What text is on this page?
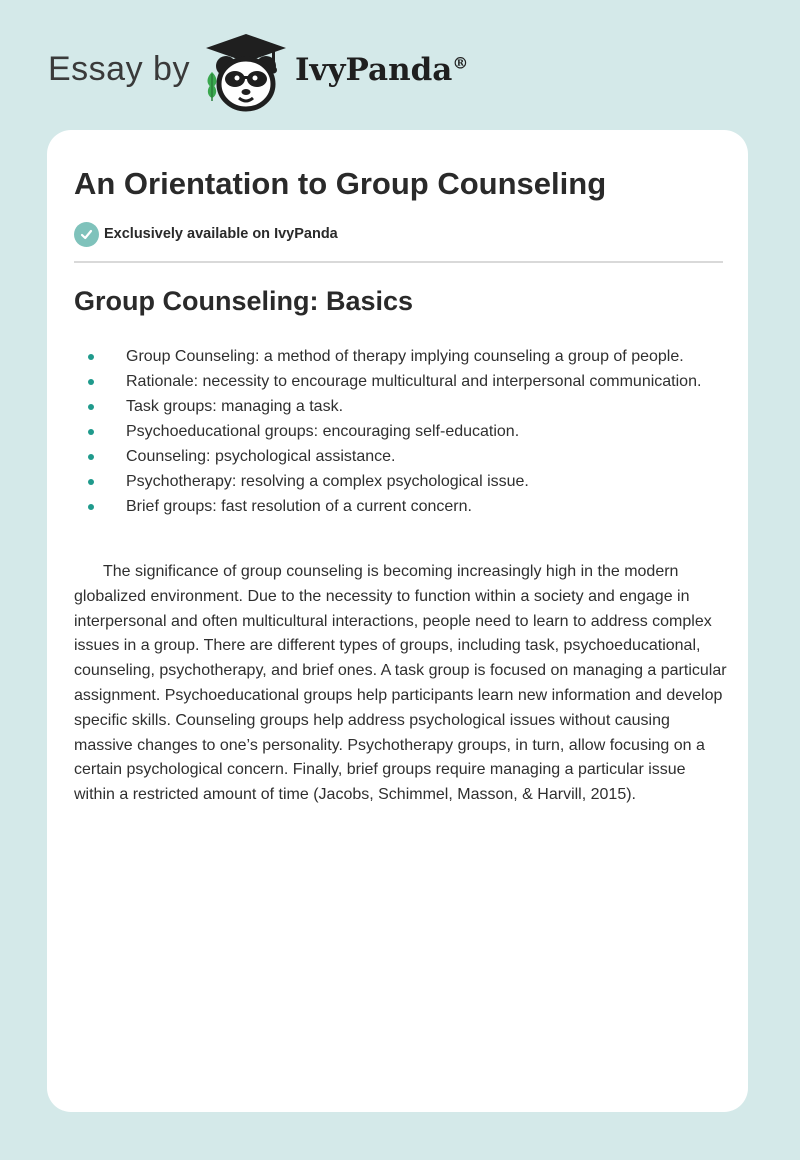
Essay by	IvyPanda®
An Orientation to Group Counseling
Exclusively available on IvyPanda
Group Counseling: Basics
Group Counseling: a method of therapy implying counseling a group of people.
Rationale: necessity to encourage multicultural and interpersonal communication.
Task groups: managing a task.
Psychoeducational groups: encouraging self-education.
Counseling: psychological assistance.
Psychotherapy: resolving a complex psychological issue.
Brief groups: fast resolution of a current concern.

The significance of group counseling is becoming increasingly high in the modern globalized environment. Due to the necessity to function within a society and engage in interpersonal and often multicultural interactions, people need to learn to address complex issues in a group. There are different types of groups, including task, psychoeducational, counseling, psychotherapy, and brief ones. A task group is focused on managing a particular assignment. Psychoeducational groups help participants learn new information and develop specific skills. Counseling groups help address psychological issues without causing massive changes to one’s personality. Psychotherapy groups, in turn, allow focusing on a certain psychological concern. Finally, brief groups require managing a particular issue within a restricted amount of time (Jacobs, Schimmel, Masson, & Harvill, 2015).
